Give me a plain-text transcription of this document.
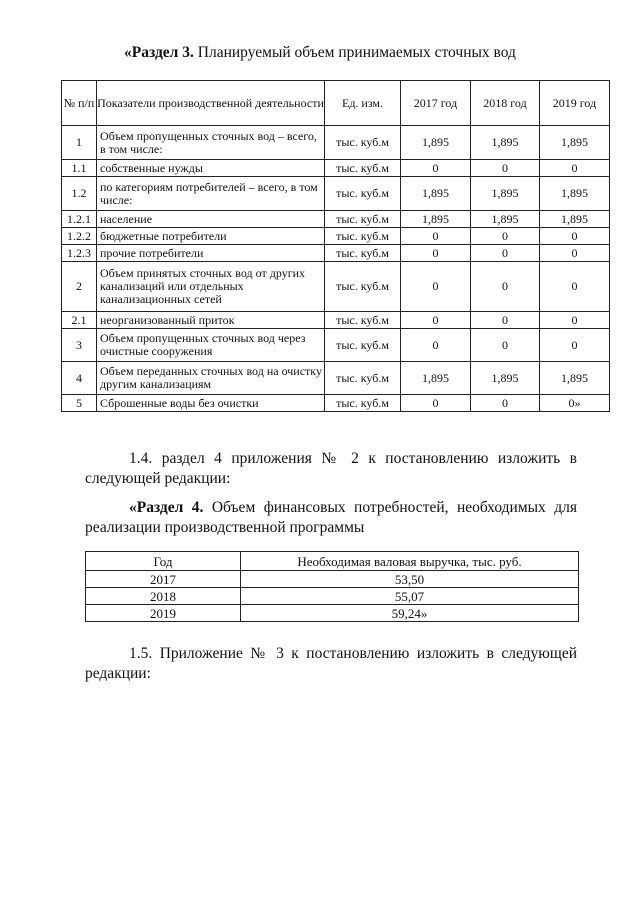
«Раздел 3. Планируемый объем принимаемых сточных вод
№ п/п	Показатели производственной деятельности	Ед. изм.	2017 год	2018 год	2019 год
1	Объем пропущенных сточных вод – всего, в том числе:	тыс. куб.м	1,895	1,895	1,895
1.1	собственные нужды	тыс. куб.м	0	0	0
1.2	по категориям потребителей – всего, в том числе:	тыс. куб.м	1,895	1,895	1,895
1.2.1	население	тыс. куб.м	1,895	1,895	1,895
1.2.2	бюджетные потребители	тыс. куб.м	0	0	0
1.2.3	прочие потребители	тыс. куб.м	0	0	0
2	Объем принятых сточных вод от других канализаций или отдельных канализационных сетей	тыс. куб.м	0	0	0
2.1	неорганизованный приток	тыс. куб.м	0	0	0
3	Объем пропущенных сточных вод через очистные сооружения	тыс. куб.м	0	0	0
4	Объем переданных сточных вод на очистку другим канализациям	тыс. куб.м	1,895	1,895	1,895
5	Сброшенные воды без очистки	тыс. куб.м	0	0	0»
1.4. раздел 4 приложения № 2 к постановлению изложить в следующей редакции:
«Раздел 4. Объем финансовых потребностей, необходимых для реализации производственной программы
Год	Необходимая валовая выручка, тыс. руб.
2017	53,50
2018	55,07
2019	59,24»
1.5. Приложение № 3 к постановлению изложить в следующей редакции:
